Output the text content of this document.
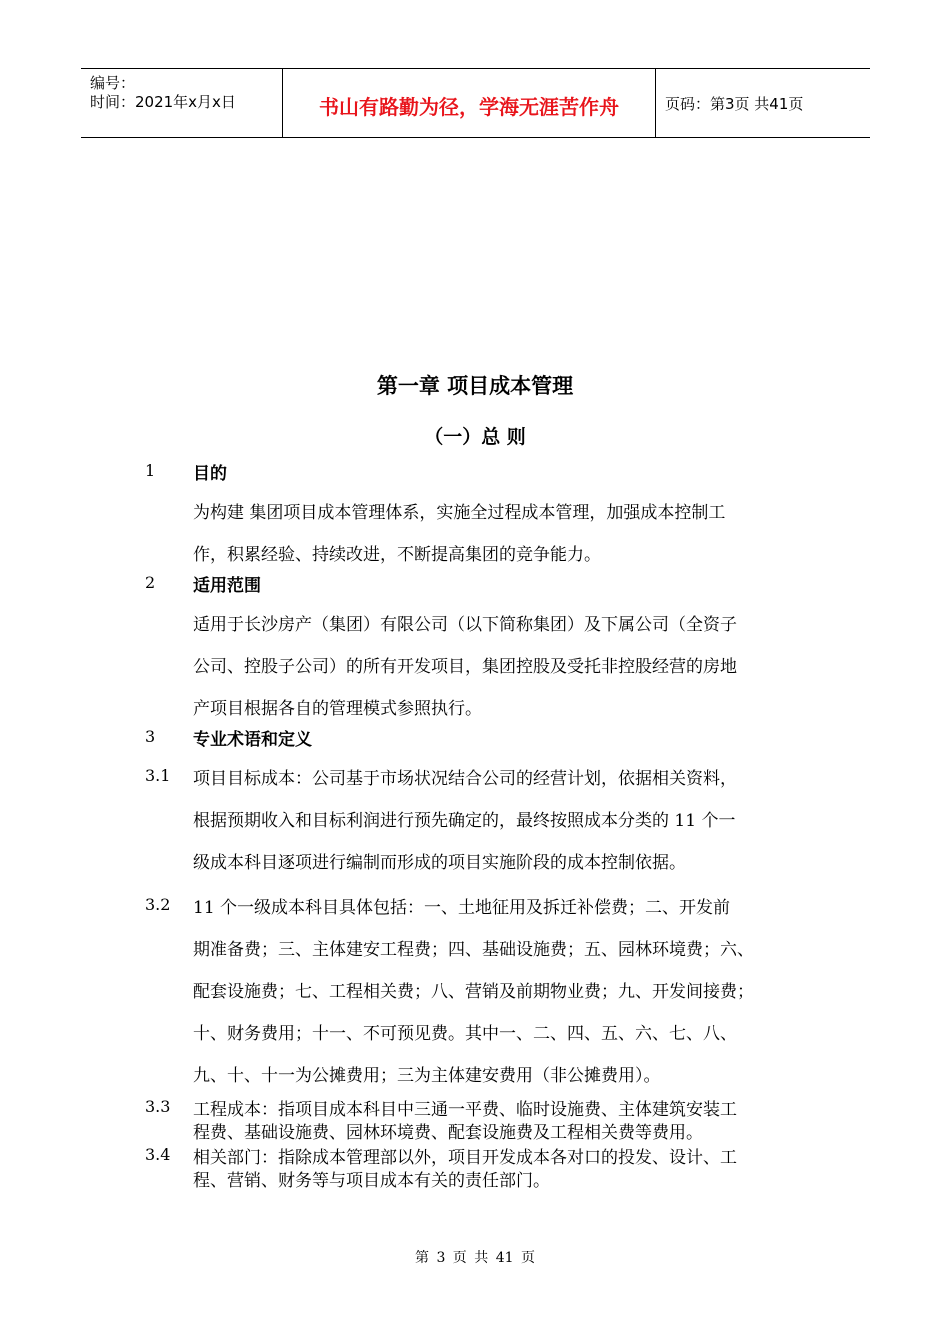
编号：
时间：2021年x月x日	书山有路勤为径，学海无涯苦作舟	页码：第3页 共41页
第一章 项目成本管理
（一）总 则
1 目的
为构建 集团项目成本管理体系，实施全过程成本管理，加强成本控制工
作，积累经验、持续改进，不断提高集团的竞争能力。
2 适用范围
适用于长沙房产（集团）有限公司（以下简称集团）及下属公司（全资子
公司、控股子公司）的所有开发项目，集团控股及受托非控股经营的房地
产项目根据各自的管理模式参照执行。
3 专业术语和定义
3.1 项目目标成本：公司基于市场状况结合公司的经营计划，依据相关资料，
根据预期收入和目标利润进行预先确定的，最终按照成本分类的 11 个一
级成本科目逐项进行编制而形成的项目实施阶段的成本控制依据。
3.2 11 个一级成本科目具体包括：一、土地征用及拆迁补偿费；二、开发前
期准备费；三、主体建安工程费；四、基础设施费；五、园林环境费；六、
配套设施费；七、工程相关费；八、营销及前期物业费；九、开发间接费；
十、财务费用；十一、不可预见费。其中一、二、四、五、六、七、八、
九、十、十一为公摊费用；三为主体建安费用（非公摊费用）。
3.3 工程成本：指项目成本科目中三通一平费、临时设施费、主体建筑安装工
程费、基础设施费、园林环境费、配套设施费及工程相关费等费用。
3.4 相关部门：指除成本管理部以外，项目开发成本各对口的投发、设计、工
程、营销、财务等与项目成本有关的责任部门。
第 3 页 共 41 页
